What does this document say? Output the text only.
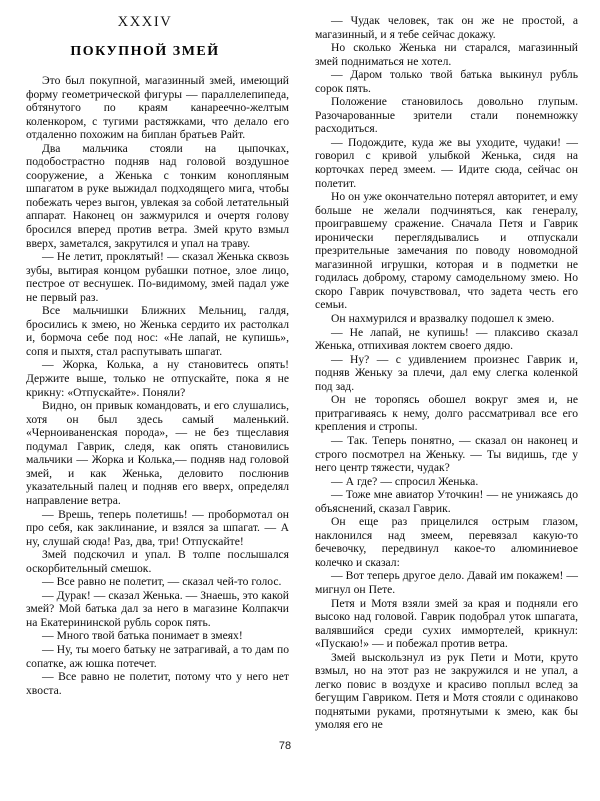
XXXIV
ПОКУПНОЙ ЗМЕЙ

Это был покупной, магазинный змей, имеющий форму геометрической фигуры — параллелепипеда, обтянутого по краям канареечно-желтым коленкором, с тугими растяжками, что делало его отдаленно похожим на биплан братьев Райт.

Два мальчика стояли на цыпочках, подобострастно подняв над головой воздушное сооружение, а Женька с тонким конопляным шпагатом в руке выжидал подходящего мига, чтобы побежать через выгон, увлекая за собой летательный аппарат. Наконец он зажмурился и очертя голову бросился вперед против ветра. Змей круто взмыл вверх, заметался, закрутился и упал на траву.

— Не летит, проклятый! — сказал Женька сквозь зубы, вытирая концом рубашки потное, злое лицо, пестрое от веснушек. По-видимому, змей падал уже не первый раз.

Все мальчишки Ближних Мельниц, галдя, бросились к змею, но Женька сердито их растолкал и, бормоча себе под нос: «Не лапай, не купишь», сопя и пыхтя, стал распутывать шпагат.

— Жорка, Колька, а ну становитесь опять! Держите выше, только не отпускайте, пока я не крикну: «Отпускайте». Поняли?

Видно, он привык командовать, и его слушались, хотя он был здесь самый маленький. «Черноиваненская порода», — не без тщеславия подумал Гаврик, следя, как опять становились мальчики — Жорка и Колька,— подняв над головой змей, и как Женька, деловито послюнив указательный палец и подняв его вверх, определял направление ветра.

— Врешь, теперь полетишь! — пробормотал он про себя, как заклинание, и взялся за шпагат. — А ну, слушай сюда! Раз, два, три! Отпускайте!

Змей подскочил и упал. В толпе послышался оскорбительный смешок.

— Все равно не полетит, — сказал чей-то голос.

— Дурак! — сказал Женька. — Знаешь, это какой змей? Мой батька дал за него в магазине Колпакчи на Екатерининской рубль сорок пять.

— Много твой батька понимает в змеях!

— Ну, ты моего батьку не затрагивай, а то дам по сопатке, аж юшка потечет.

— Все равно не полетит, потому что у него нет хвоста.

— Чудак человек, так он же не простой, а магазинный, и я тебе сейчас докажу.

Но сколько Женька ни старался, магазинный змей подниматься не хотел.

— Даром только твой батька выкинул рубль сорок пять.

Положение становилось довольно глупым. Разочарованные зрители стали понемножку расходиться.

— Подождите, куда же вы уходите, чудаки! — говорил с кривой улыбкой Женька, сидя на корточках перед змеем. — Идите сюда, сейчас он полетит.

Но он уже окончательно потерял авторитет, и ему больше не желали подчиняться, как генералу, проигравшему сражение. Сначала Петя и Гаврик иронически переглядывались и отпускали презрительные замечания по поводу новомодной магазинной игрушки, которая и в подметки не годилась доброму, старому самодельному змею. Но скоро Гаврик почувствовал, что задета честь его семьи.

Он нахмурился и вразвалку подошел к змею.

— Не лапай, не купишь! — плаксиво сказал Женька, отпихивая локтем своего дядю.

— Ну? — с удивлением произнес Гаврик и, подняв Женьку за плечи, дал ему слегка коленкой под зад.

Он не торопясь обошел вокруг змея и, не притрагиваясь к нему, долго рассматривал все его крепления и стропы.

— Так. Теперь понятно, — сказал он наконец и строго посмотрел на Женьку. — Ты видишь, где у него центр тяжести, чудак?

— А где? — спросил Женька.

— Тоже мне авиатор Уточкин! — не унижаясь до объяснений, сказал Гаврик.

Он еще раз прицелился острым глазом, наклонился над змеем, перевязал какую-то бечевочку, передвинул какое-то алюминиевое колечко и сказал:

— Вот теперь другое дело. Давай им покажем! — мигнул он Пете.

Петя и Мотя взяли змей за края и подняли его высоко над головой. Гаврик подобрал уток шпагата, валявшийся среди сухих иммортелей, крикнул: «Пускаю!» — и побежал против ветра.

Змей выскользнул из рук Пети и Моти, круто взмыл, но на этот раз не закружился и не упал, а легко повис в воздухе и красиво поплыл вслед за бегущим Гавриком. Петя и Мотя стояли с одинаково поднятыми руками, протянутыми к змею, как бы умоляя его не

78
